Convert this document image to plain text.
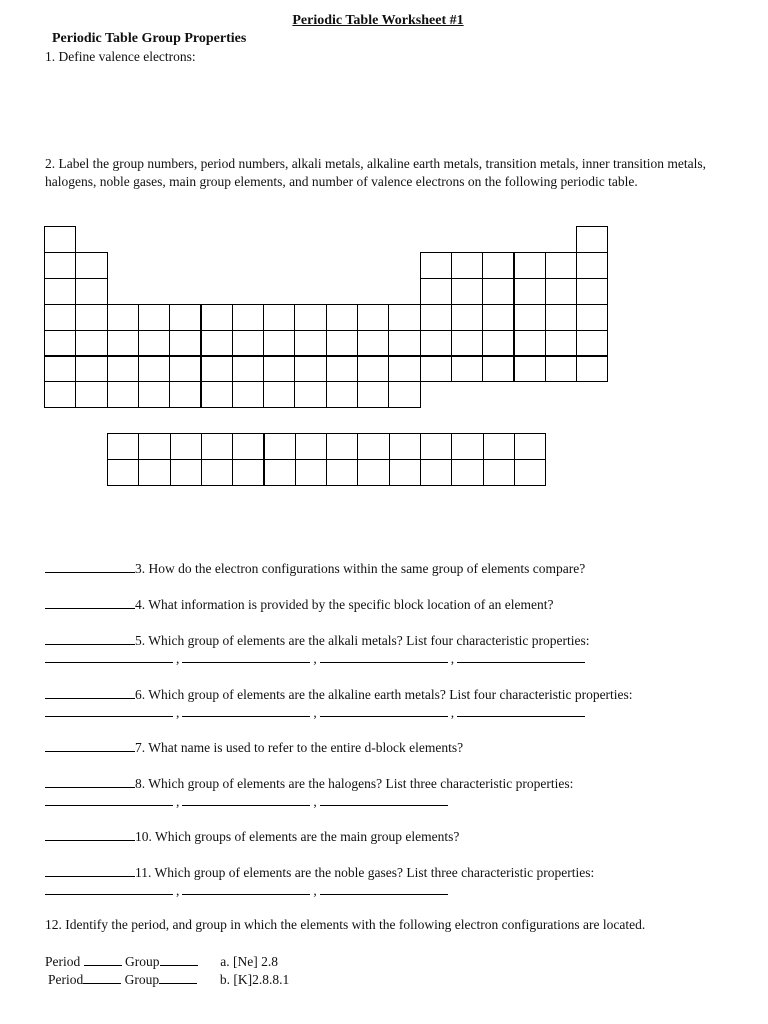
Periodic Table Worksheet #1
Periodic Table Group Properties
1. Define valence electrons:
2. Label the group numbers, period numbers, alkali metals, alkaline earth metals, transition metals, inner transition metals, halogens, noble gases, main group elements, and number of valence electrons on the following periodic table.
3. How do the electron configurations within the same group of elements compare?
4. What information is provided by the specific block location of an element?
5. Which group of elements are the alkali metals? List four characteristic properties:
,	,	,
6. Which group of elements are the alkaline earth metals? List four characteristic properties:
,	,	,
7. What name is used to refer to the entire d-block elements?
8. Which group of elements are the halogens? List three characteristic properties:
,	,
10. Which groups of elements are the main group elements?
11. Which group of elements are the noble gases? List three characteristic properties:
,	,
12. Identify the period, and group in which the elements with the following electron configurations are located.
Period	Group	a. [Ne] 2.8
Period	Group	b. [K]2.8.8.1
